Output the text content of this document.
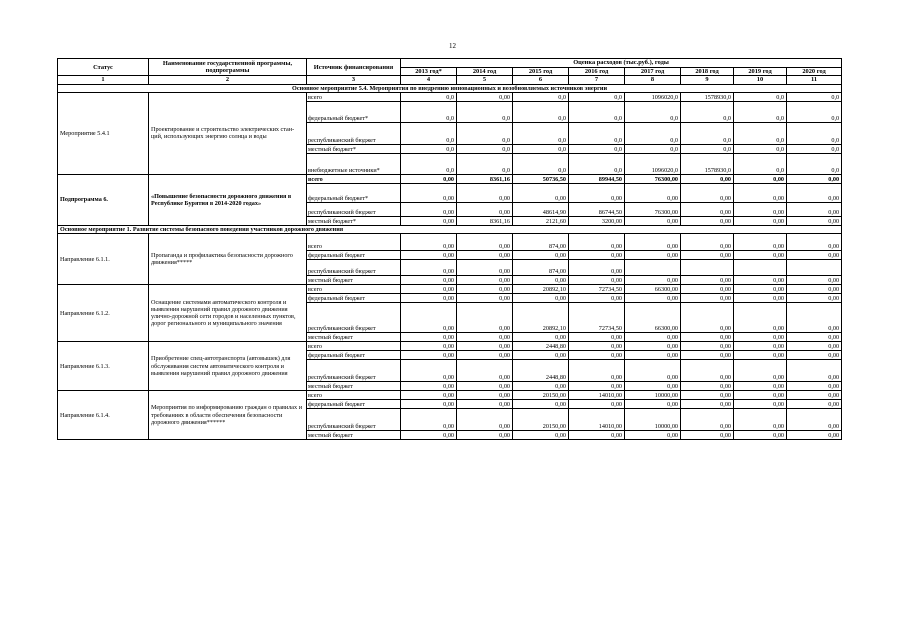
12
Статус	Наименование государственной программы, подпрограммы	Источник финансирования	Оценка расходов (тыс.руб.), годы							
			2013 год*	2014 год	2015 год	2016 год	2017 год	2018 год	2019 год	2020 год
1	2	3	4	5	6	7	8	9	10	11
Основное мероприятие 5.4. Мероприятия по внедрению инновационных и возобновляемых источников энергии										
Мероприятие 5.4.1	Проектирование и строительство электрических стан-ций, использующих энергию солнца и воды	всего	0,0	0,00	0,0	0,0	1096020,0	1578930,0	0,0	0,0
		федеральный бюджет*	0,0	0,0	0,0	0,0	0,0	0,0	0,0	0,0
		республиканский бюджет	0,0	0,0	0,0	0,0	0,0	0,0	0,0	0,0
		местный бюджет*	0,0	0,0	0,0	0,0	0,0	0,0	0,0	0,0
		внебюджетные источники*	0,0	0,0	0,0	0,0	1096020,0	1578930,0	0,0	0,0
Подпрограмма 6.	«Повышение безопасности дорожного движения в Республике Бурятия в 2014-2020 годах»	всего	0,00	8361,16	50736,50	89944,50	76300,00	0,00	0,00	0,00
		федеральный бюджет*	0,00	0,00	0,00	0,00	0,00	0,00	0,00	0,00
		республиканский бюджет	0,00	0,00	48614,90	86744,50	76300,00	0,00	0,00	0,00
		местный бюджет*	0,00	8361,16	2121,60	3200,00	0,00	0,00	0,00	0,00
Основное мероприятие 1. Развитие системы безопасного поведения участников дорожного движения										
Направление 6.1.1.	Пропаганда и профилактика безопасности дорожного движения*****	всего	0,00	0,00	874,00	0,00	0,00	0,00	0,00	0,00
		федеральный бюджет	0,00	0,00	0,00	0,00	0,00	0,00	0,00	0,00
		республиканский бюджет	0,00	0,00	874,00	0,00				
		местный бюджет	0,00	0,00	0,00	0,00	0,00	0,00	0,00	0,00
Направление 6.1.2.	Оснащение системами автоматического контроля и выявления нарушений правил дорожного движения улично-дорожной сети городов и населенных пунктов, дорог регионального и муниципального значения	всего	0,00	0,00	20892,10	72734,50	66300,00	0,00	0,00	0,00
		федеральный бюджет	0,00	0,00	0,00	0,00	0,00	0,00	0,00	0,00
		республиканский бюджет	0,00	0,00	20892,10	72734,50	66300,00	0,00	0,00	0,00
		местный бюджет	0,00	0,00	0,00	0,00	0,00	0,00	0,00	0,00
Направление 6.1.3.	Приобретение спец-автотранспорта (автовышек) для обслуживания систем автоматического контроля и выявления нарушений правил дорожного движения	всего	0,00	0,00	2448,80	0,00	0,00	0,00	0,00	0,00
		федеральный бюджет	0,00	0,00	0,00	0,00	0,00	0,00	0,00	0,00
		республиканский бюджет	0,00	0,00	2448,80	0,00	0,00	0,00	0,00	0,00
		местный бюджет	0,00	0,00	0,00	0,00	0,00	0,00	0,00	0,00
Направление 6.1.4.	Мероприятия по информированию граждан о правилах и требованиях в области обеспечения безопасности дорожного движения******	всего	0,00	0,00	20150,00	14010,00	10000,00	0,00	0,00	0,00
		федеральный бюджет	0,00	0,00	0,00	0,00	0,00	0,00	0,00	0,00
		республиканский бюджет	0,00	0,00	20150,00	14010,00	10000,00	0,00	0,00	0,00
		местный бюджет	0,00	0,00	0,00	0,00	0,00	0,00	0,00	0,00
